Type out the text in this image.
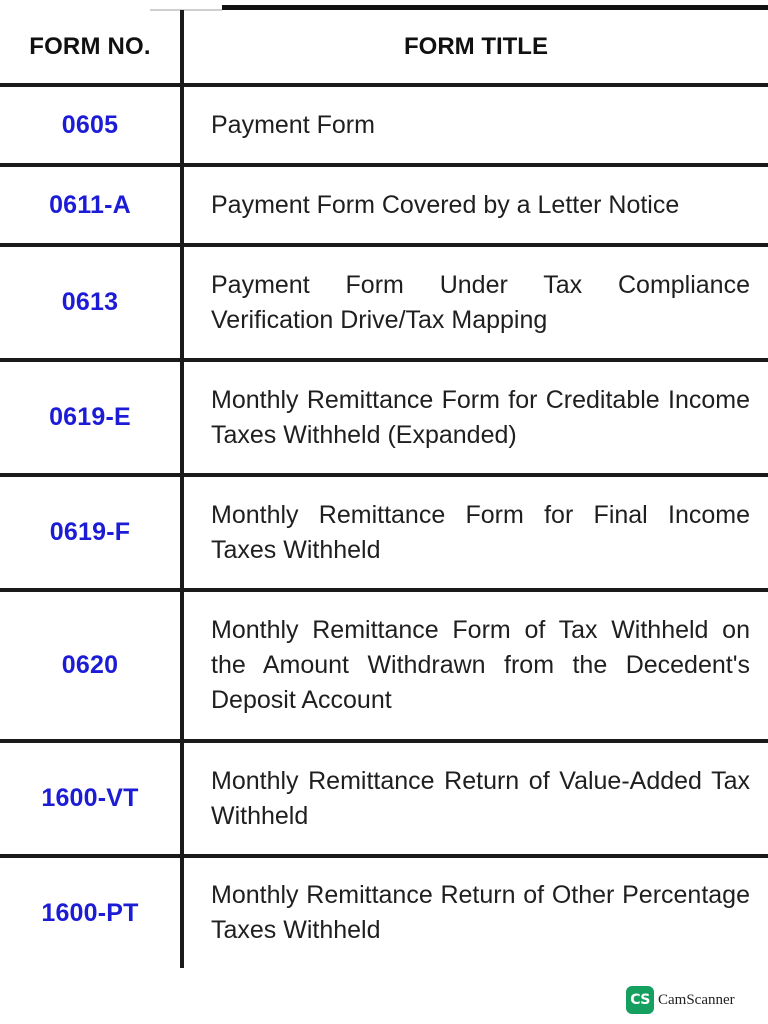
FORM NO.	FORM TITLE
0605	Payment Form
0611-A	Payment Form Covered by a Letter Notice
0613	Payment Form Under Tax Compliance Verification Drive/Tax Mapping
0619-E	Monthly Remittance Form for Creditable Income Taxes Withheld (Expanded)
0619-F	Monthly Remittance Form for Final Income Taxes Withheld
0620	Monthly Remittance Form of Tax Withheld on the Amount Withdrawn from the Decedent's Deposit Account
1600-VT	Monthly Remittance Return of Value-Added Tax Withheld
1600-PT	Monthly Remittance Return of Other Percentage Taxes Withheld
CS CamScanner
